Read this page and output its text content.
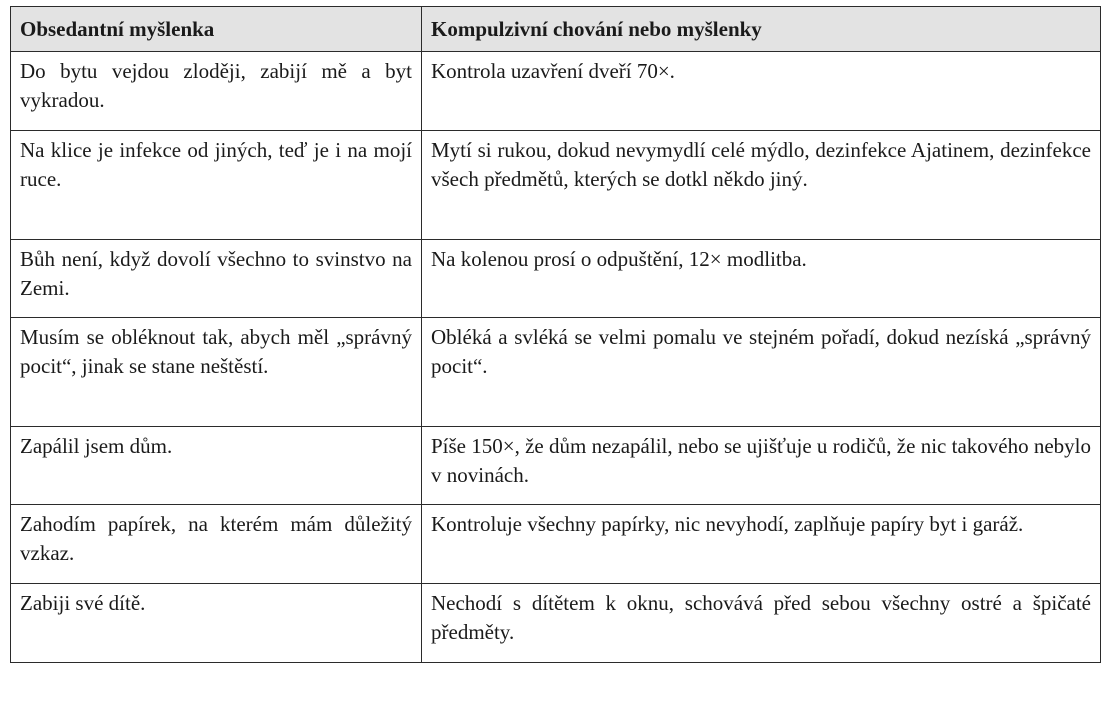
Obsedantní myšlenka	Kompulzivní chování nebo myšlenky
Do bytu vejdou zloději, zabijí mě a byt vykradou.	Kontrola uzavření dveří 70×.
Na klice je infekce od jiných, teď je i na mojí ruce.	Mytí si rukou, dokud nevymydlí celé mýdlo, dezinfekce Ajatinem, dezinfekce všech předmětů, kterých se dotkl někdo jiný.
Bůh není, když dovolí všechno to svinstvo na Zemi.	Na kolenou prosí o odpuštění, 12× modlitba.
Musím se obléknout tak, abych měl „správný pocit“, jinak se stane neštěstí.	Obléká a svléká se velmi pomalu ve stejném pořadí, dokud nezíská „správný pocit“.
Zapálil jsem dům.	Píše 150×, že dům nezapálil, nebo se ujišťuje u rodičů, že nic takového nebylo v novinách.
Zahodím papírek, na kterém mám důležitý vzkaz.	Kontroluje všechny papírky, nic nevyhodí, zaplňuje papíry byt i garáž.
Zabiji své dítě.	Nechodí s dítětem k oknu, schovává před sebou všechny ostré a špičaté předměty.
